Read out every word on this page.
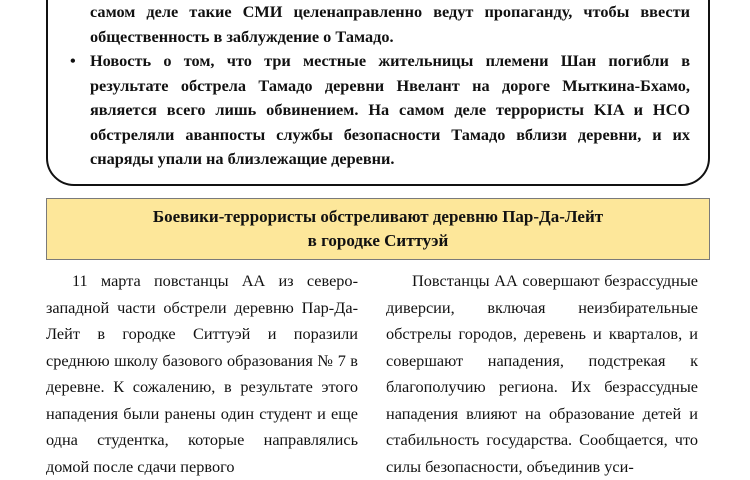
самом деле такие СМИ целенаправленно ведут пропаганду, чтобы ввести общественность в заблуждение о Тамадо.

• Новость о том, что три местные жительницы племени Шан погибли в результате обстрела Тамадо деревни Нвелант на дороге Мыткина-Бхамо, является всего лишь обвинением. На самом деле террористы KIA и НСО обстреляли аванпосты службы безопасности Тамадо вблизи деревни, и их снаряды упали на близлежащие деревни.

Боевики-террористы обстреливают деревню Пар-Да-Лейт
в городке Ситтуэй

11 марта повстанцы АА из северо-западной части обстрели деревню Пар-Да-Лейт в городке Ситтуэй и поразили среднюю школу базового образования № 7 в деревне. К сожалению, в результате этого нападения были ранены один студент и еще одна студентка, которые направлялись домой после сдачи первого

Повстанцы АА совершают безрассудные диверсии, включая неизбирательные обстрелы городов, деревень и кварталов, и совершают нападения, подстрекая к благополучию региона. Их безрассудные нападения влияют на образование детей и стабильность государства. Сообщается, что силы безопасности, объединив уси-
